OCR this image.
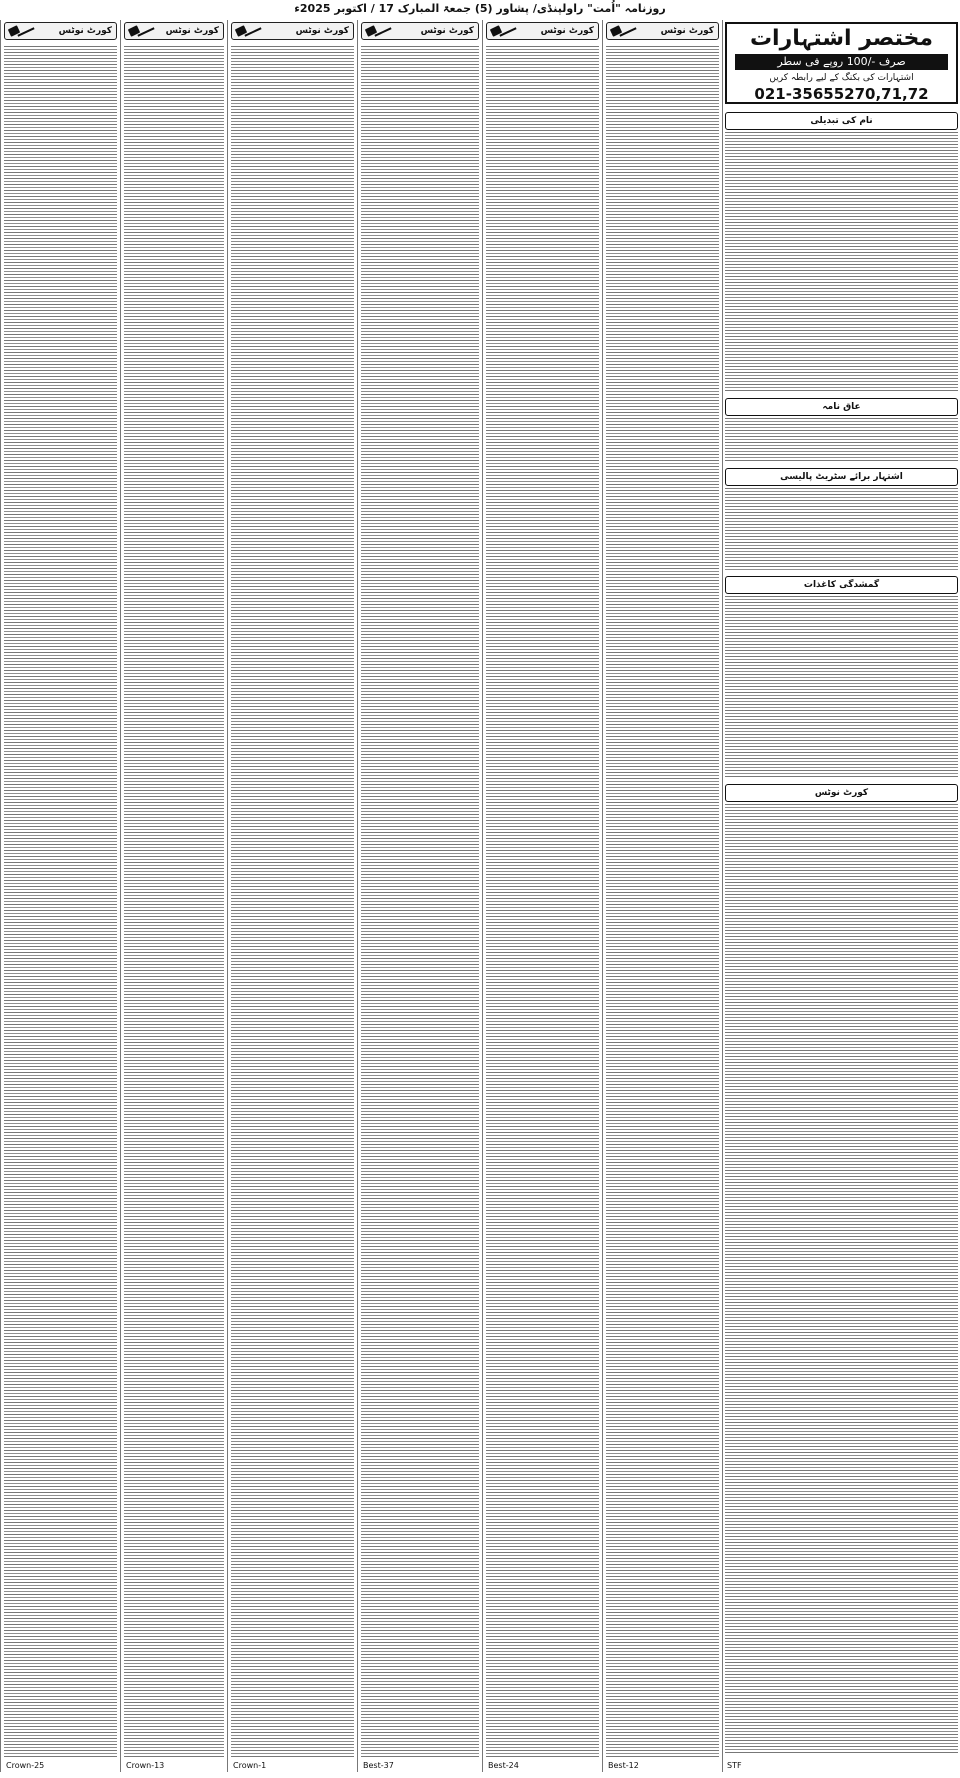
روزنامہ "اُمت" راولپنڈی/ پشاور (5) جمعۃ المبارک 17 / اکتوبر 2025ء
کورٹ نوٹس
Crown-25
کورٹ نوٹس
Crown-13
کورٹ نوٹس
Crown-1
کورٹ نوٹس
Best-37
کورٹ نوٹس
Best-24
کورٹ نوٹس
Best-12
مختصر اشتہارات
صرف -/100 روپے فی سطر
اشتہارات کی بکنگ کے لیے رابطہ کریں
021-35655270,71,72
نام کی تبدیلی
عاق نامہ
اشتہار برائے سٹریٹ پالیسی
گمشدگی کاغذات
کورٹ نوٹس
STF
